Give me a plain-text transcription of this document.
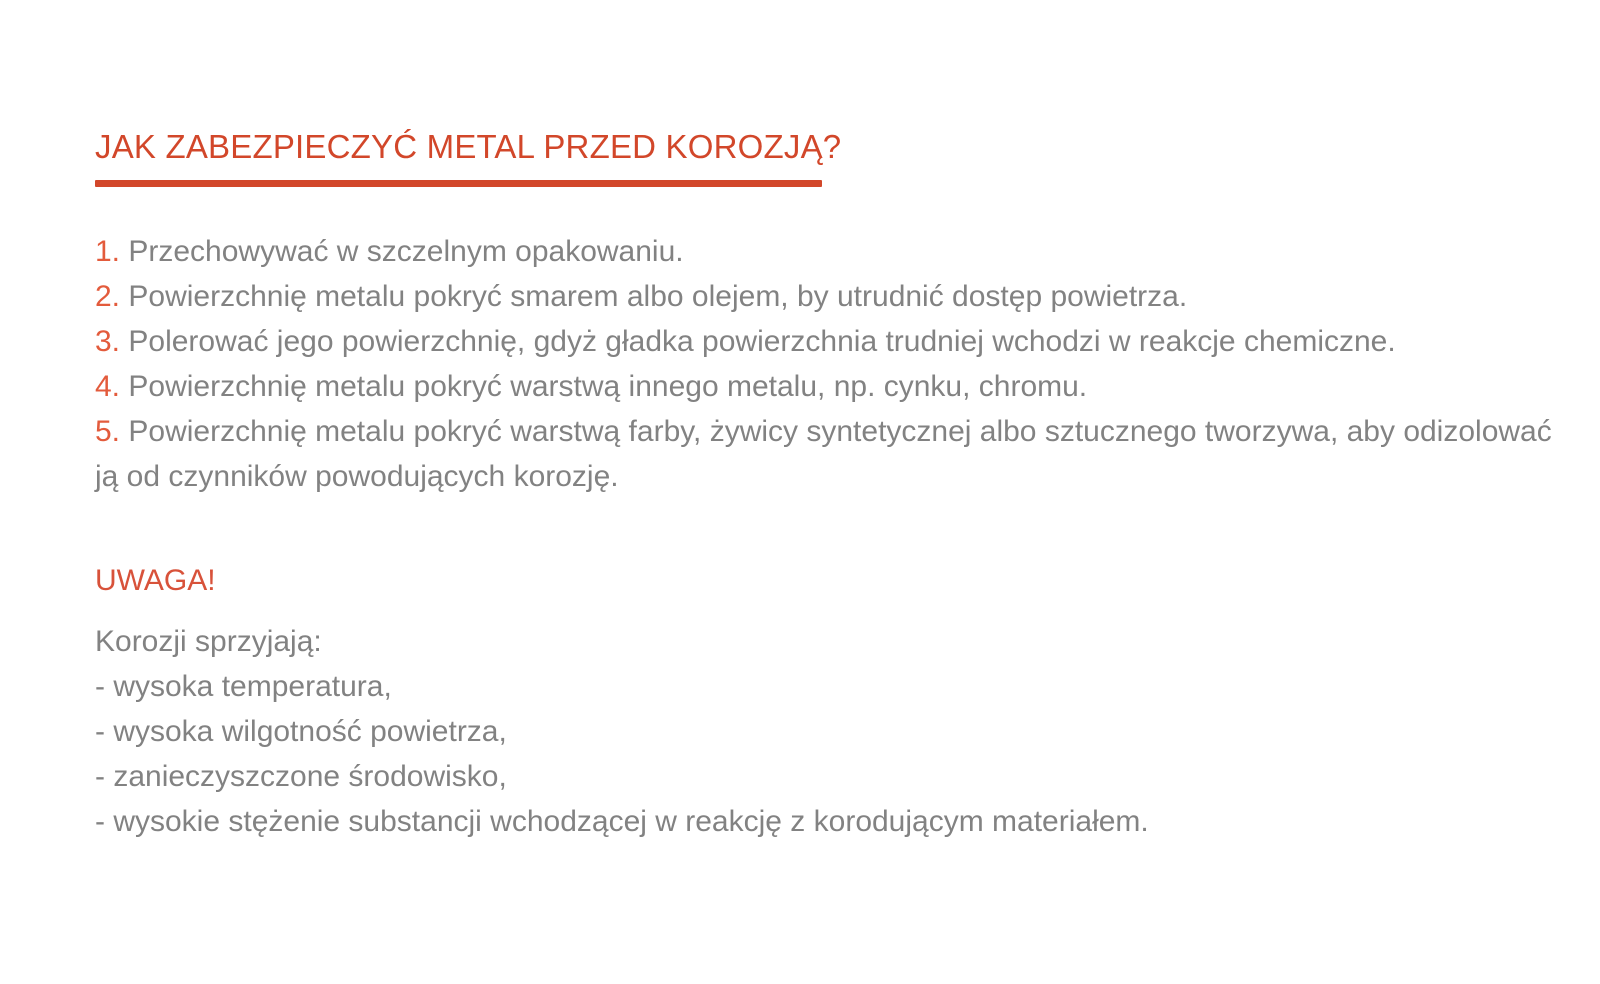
JAK ZABEZPIECZYĆ METAL PRZED KOROZJĄ?
1. Przechowywać w szczelnym opakowaniu.
2. Powierzchnię metalu pokryć smarem albo olejem, by utrudnić dostęp powietrza.
3. Polerować jego powierzchnię, gdyż gładka powierzchnia trudniej wchodzi w reakcje chemiczne.
4. Powierzchnię metalu pokryć warstwą innego metalu, np. cynku, chromu.
5. Powierzchnię metalu pokryć warstwą farby, żywicy syntetycznej albo sztucznego tworzywa, aby odizolować ją od czynników powodujących korozję.
UWAGA!

Korozji sprzyjają:

- wysoka temperatura,
- wysoka wilgotność powietrza,
- zanieczyszczone środowisko,
- wysokie stężenie substancji wchodzącej w reakcję z korodującym materiałem.
